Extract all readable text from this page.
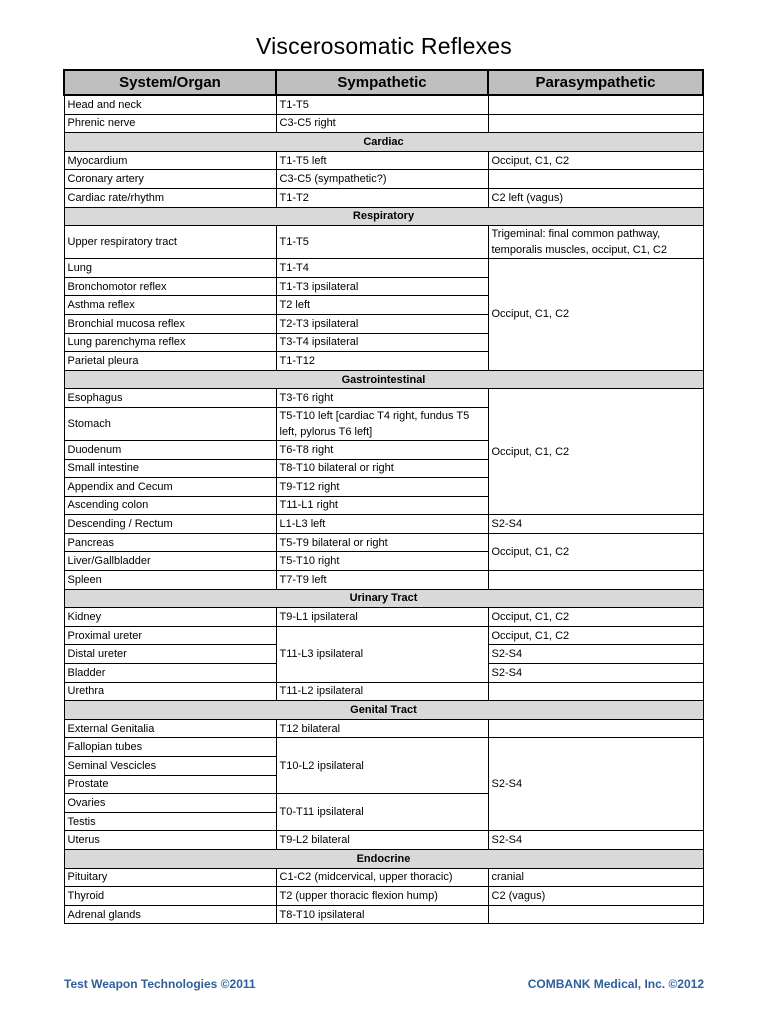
Viscerosomatic Reflexes
System/Organ	Sympathetic	Parasympathetic
Head and neck	T1-T5	
Phrenic nerve	C3-C5 right	
Cardiac		
Myocardium	T1-T5 left	Occiput, C1, C2
Coronary artery	C3-C5 (sympathetic?)	
Cardiac rate/rhythm	T1-T2	C2 left (vagus)
Respiratory		
Upper respiratory tract	T1-T5	Trigeminal: final common pathway, temporalis muscles, occiput, C1, C2
Lung	T1-T4	Occiput, C1, C2
Bronchomotor reflex	T1-T3 ipsilateral	
Asthma reflex	T2 left	
Bronchial mucosa reflex	T2-T3 ipsilateral	
Lung parenchyma reflex	T3-T4 ipsilateral	
Parietal pleura	T1-T12	
Gastrointestinal		
Esophagus	T3-T6 right	Occiput, C1, C2
Stomach	T5-T10 left [cardiac T4 right, fundus T5 left, pylorus T6 left]	
Duodenum	T6-T8 right	
Small intestine	T8-T10 bilateral or right	
Appendix and Cecum	T9-T12 right	
Ascending colon	T11-L1 right	
Descending / Rectum	L1-L3 left	S2-S4
Pancreas	T5-T9 bilateral or right	Occiput, C1, C2
Liver/Gallbladder	T5-T10 right	
Spleen	T7-T9 left	
Urinary Tract		
Kidney	T9-L1 ipsilateral	Occiput, C1, C2
Proximal ureter	T11-L3 ipsilateral	Occiput, C1, C2
Distal ureter		S2-S4
Bladder		S2-S4
Urethra	T11-L2 ipsilateral	
Genital Tract		
External Genitalia	T12 bilateral	
Fallopian tubes	T10-L2 ipsilateral	S2-S4
Seminal Vescicles		
Prostate		
Ovaries	T0-T11 ipsilateral	
Testis		
Uterus	T9-L2 bilateral	S2-S4
Endocrine		
Pituitary	C1-C2 (midcervical, upper thoracic)	cranial
Thyroid	T2 (upper thoracic flexion hump)	C2 (vagus)
Adrenal glands	T8-T10 ipsilateral	
Test Weapon Technologies ©2011	COMBANK Medical, Inc. ©2012
